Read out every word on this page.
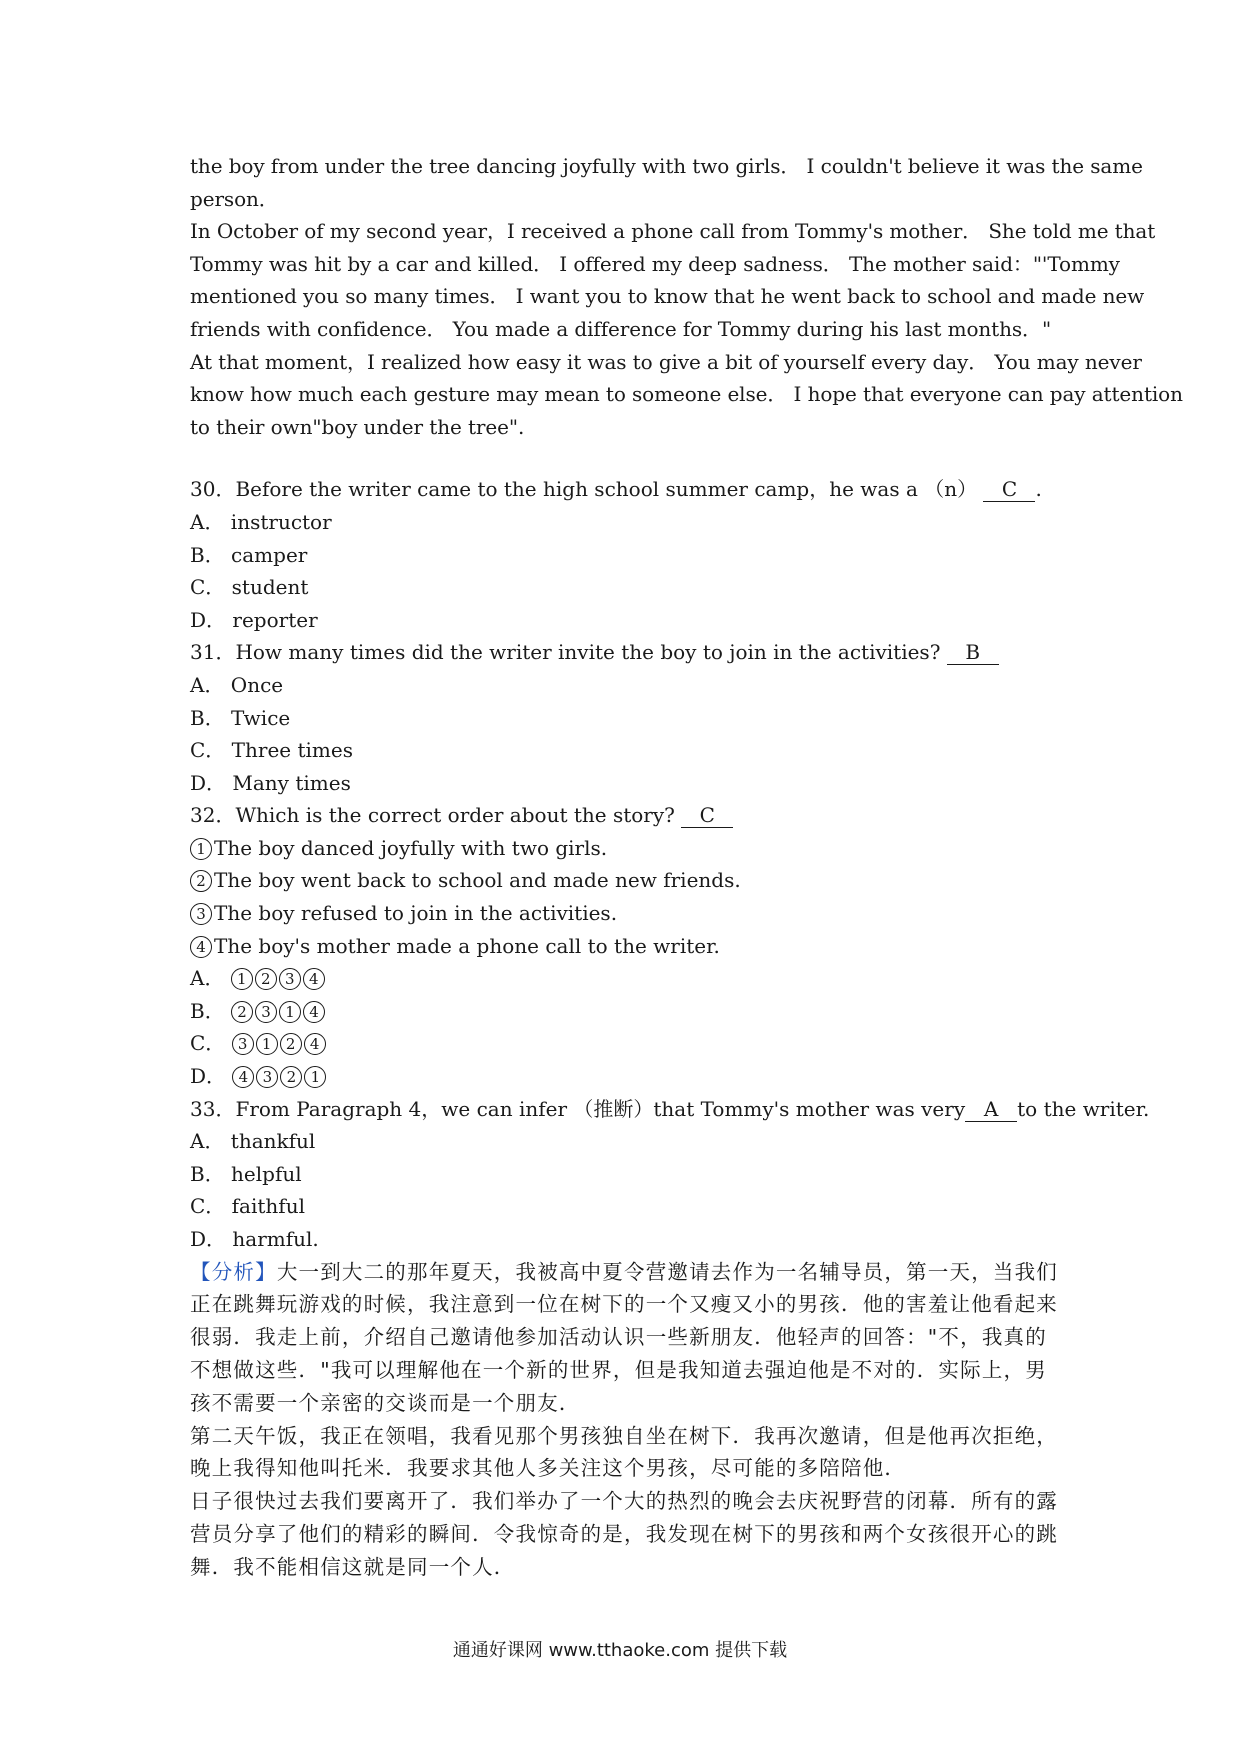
the boy from under the tree dancing joyfully with two girls． I couldn't believe it was the same
person．
In October of my second year，I received a phone call from Tommy's mother． She told me that
Tommy was hit by a car and killed． I offered my deep sadness． The mother said："'Tommy
mentioned you so many times． I want you to know that he went back to school and made new
friends with confidence． You made a difference for Tommy during his last months．"
At that moment，I realized how easy it was to give a bit of yourself every day． You may never
know how much each gesture may mean to someone else． I hope that everyone can pay attention
to their own"boy under the tree".
30．Before the writer came to the high school summer camp，he was a （n） C .
A． instructor
B． camper
C． student
D． reporter
31．How many times did the writer invite the boy to join in the activities? B
A． Once
B． Twice
C． Three times
D． Many times
32．Which is the correct order about the story? C
1 The boy danced joyfully with two girls.
2 The boy went back to school and made new friends.
3 The boy refused to join in the activities.
4 The boy's mother made a phone call to the writer.
A． 1 2 3 4
B． 2 3 1 4
C． 3 1 2 4
D． 4 3 2 1
33．From Paragraph 4，we can infer （推断）that Tommy's mother was very A to the writer.
A． thankful
B． helpful
C． faithful
D． harmful.
【分析】大一到大二的那年夏天，我被高中夏令营邀请去作为一名辅导员，第一天，当我们正在跳舞玩游戏的时候，我注意到一位在树下的一个又瘦又小的男孩．他的害羞让他看起来很弱．我走上前，介绍自己邀请他参加活动认识一些新朋友．他轻声的回答："不，我真的不想做这些．"我可以理解他在一个新的世界，但是我知道去强迫他是不对的．实际上，男孩不需要一个亲密的交谈而是一个朋友．
第二天午饭，我正在领唱，我看见那个男孩独自坐在树下．我再次邀请，但是他再次拒绝，晚上我得知他叫托米．我要求其他人多关注这个男孩，尽可能的多陪陪他．
日子很快过去我们要离开了．我们举办了一个大的热烈的晚会去庆祝野营的闭幕．所有的露营员分享了他们的精彩的瞬间．令我惊奇的是，我发现在树下的男孩和两个女孩很开心的跳舞．我不能相信这就是同一个人．
通通好课网 www.tthaoke.com 提供下载
